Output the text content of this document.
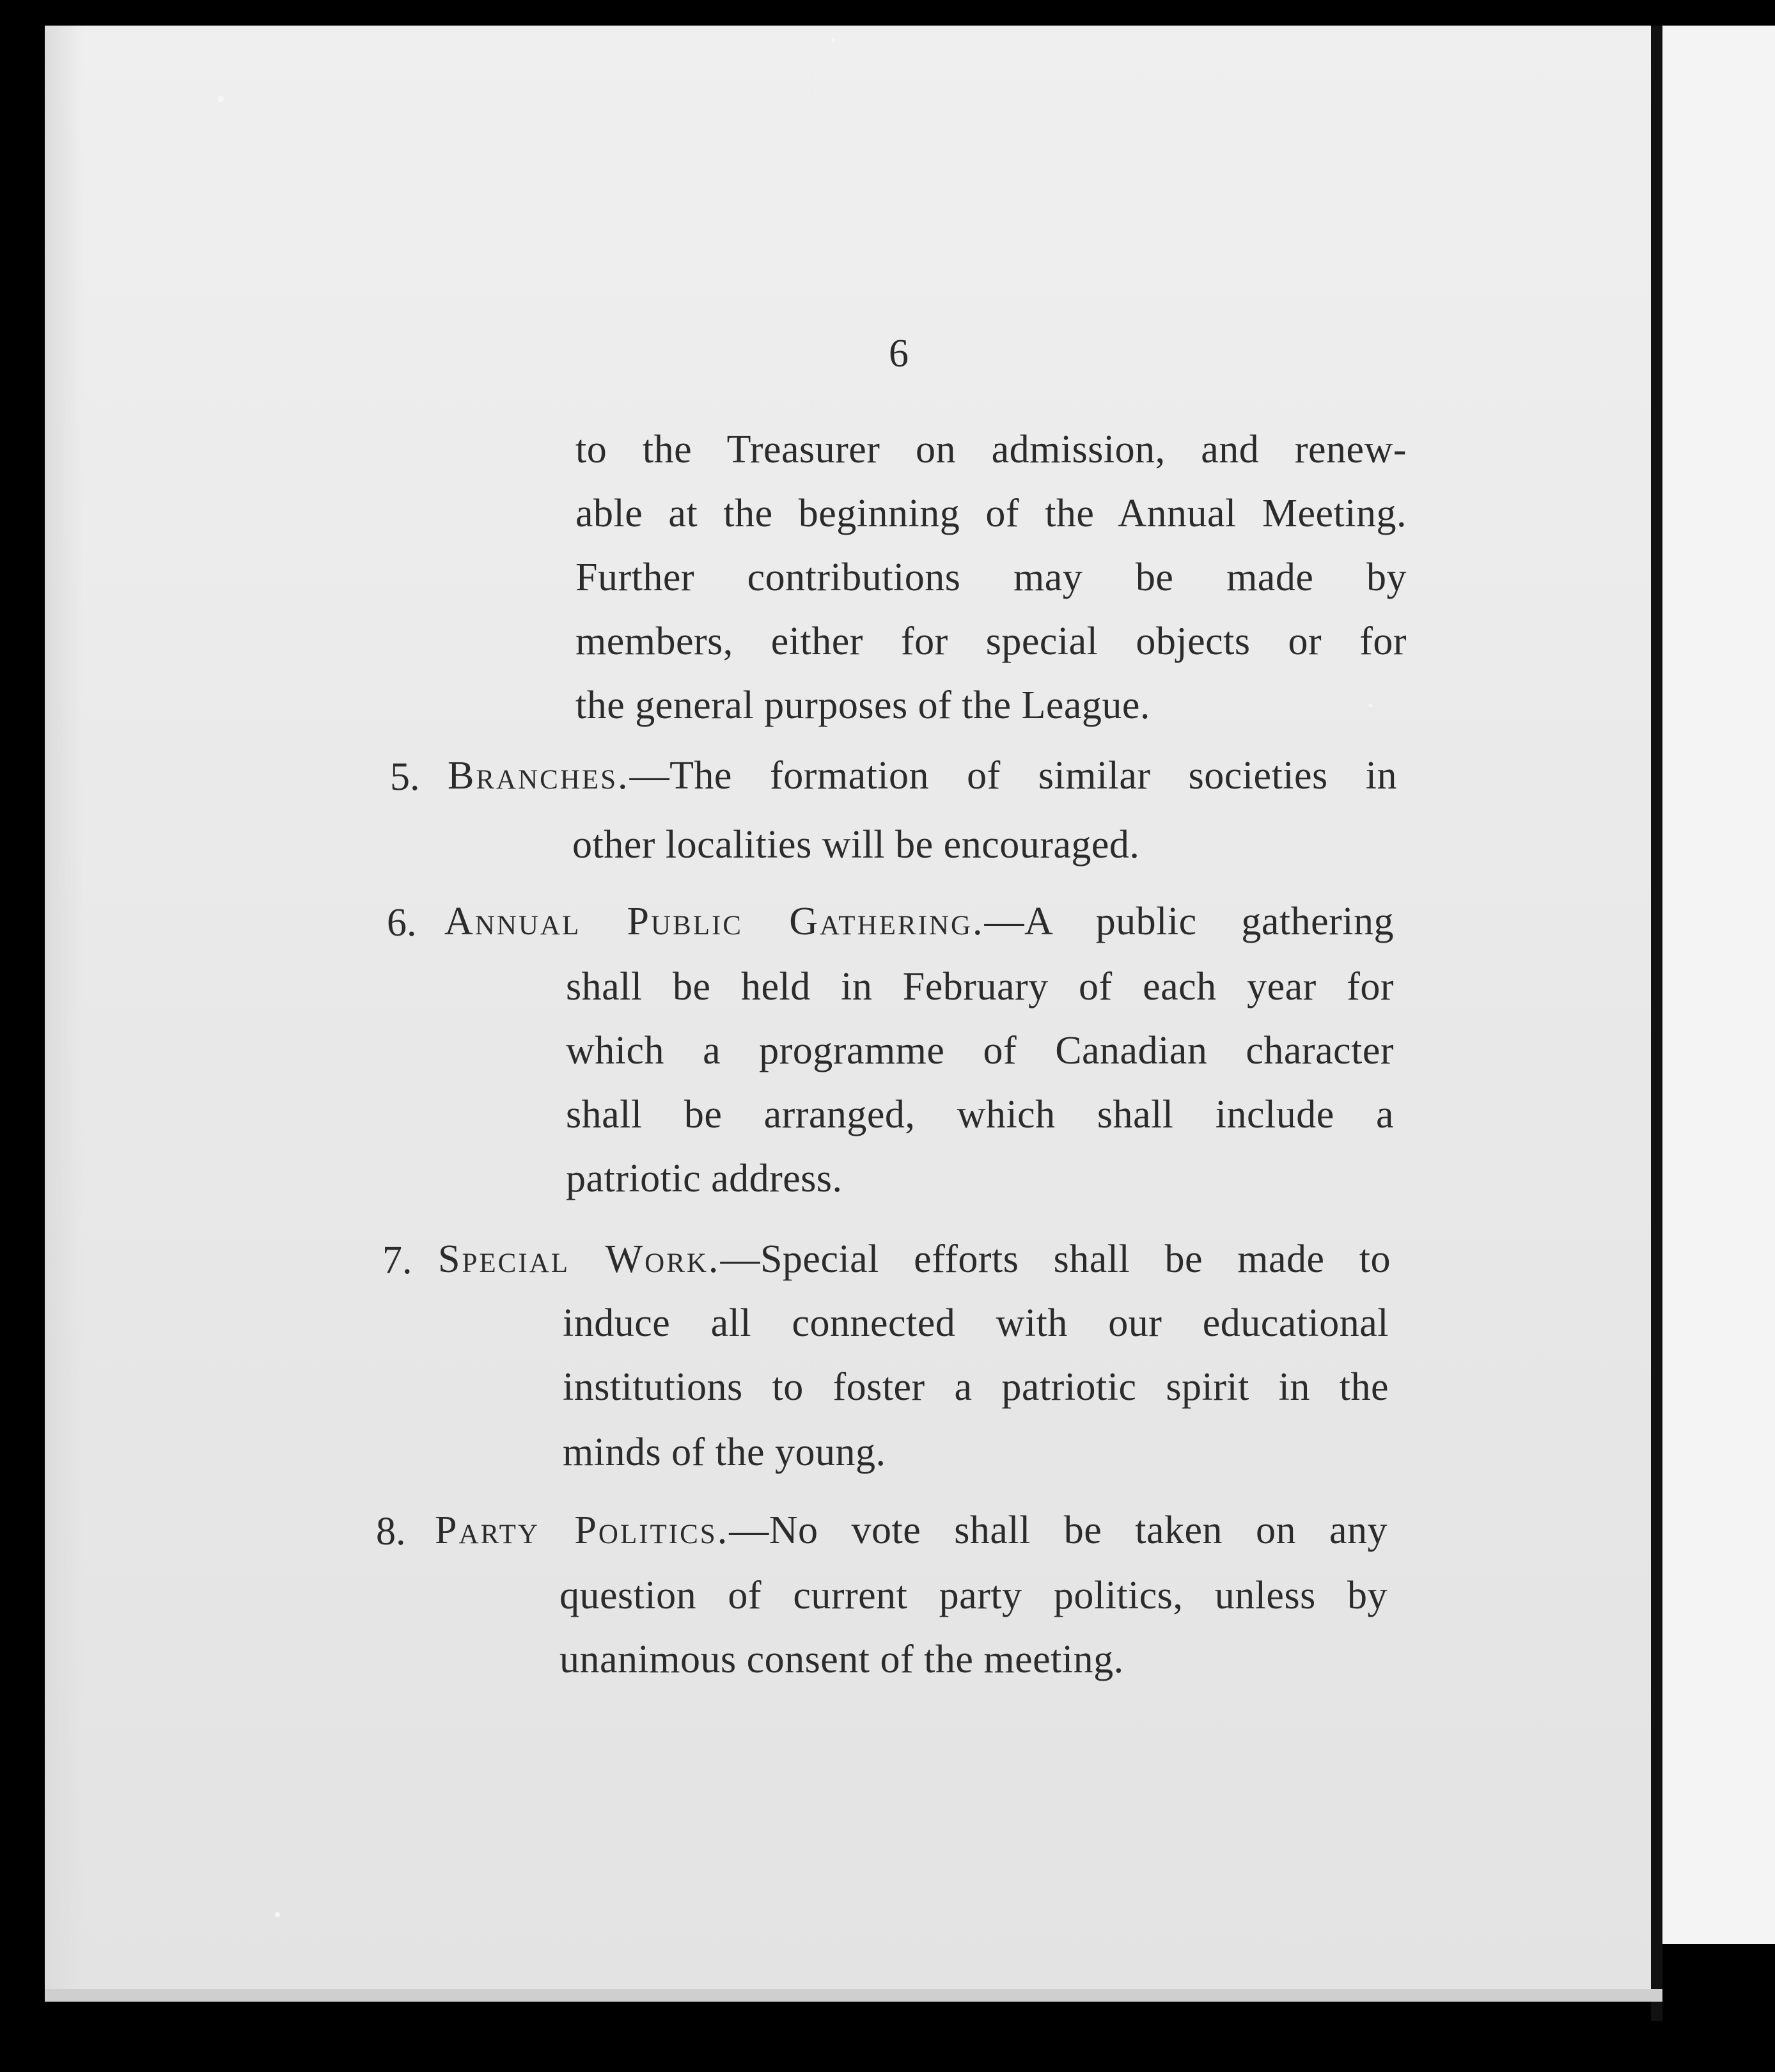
6
to the Treasurer on admission, and renew-
able at the beginning of the Annual Meeting.
Further contributions may be made by
members, either for special objects or for
the general purposes of the League.
5. Branches.—The formation of similar societies in
other localities will be encouraged.
6. Annual Public Gathering.—A public gathering
shall be held in February of each year for
which a programme of Canadian character
shall be arranged, which shall include a
patriotic address.
7. Special Work.—Special efforts shall be made to
induce all connected with our educational
institutions to foster a patriotic spirit in the
minds of the young.
8. Party Politics.—No vote shall be taken on any
question of current party politics, unless by
unanimous consent of the meeting.
